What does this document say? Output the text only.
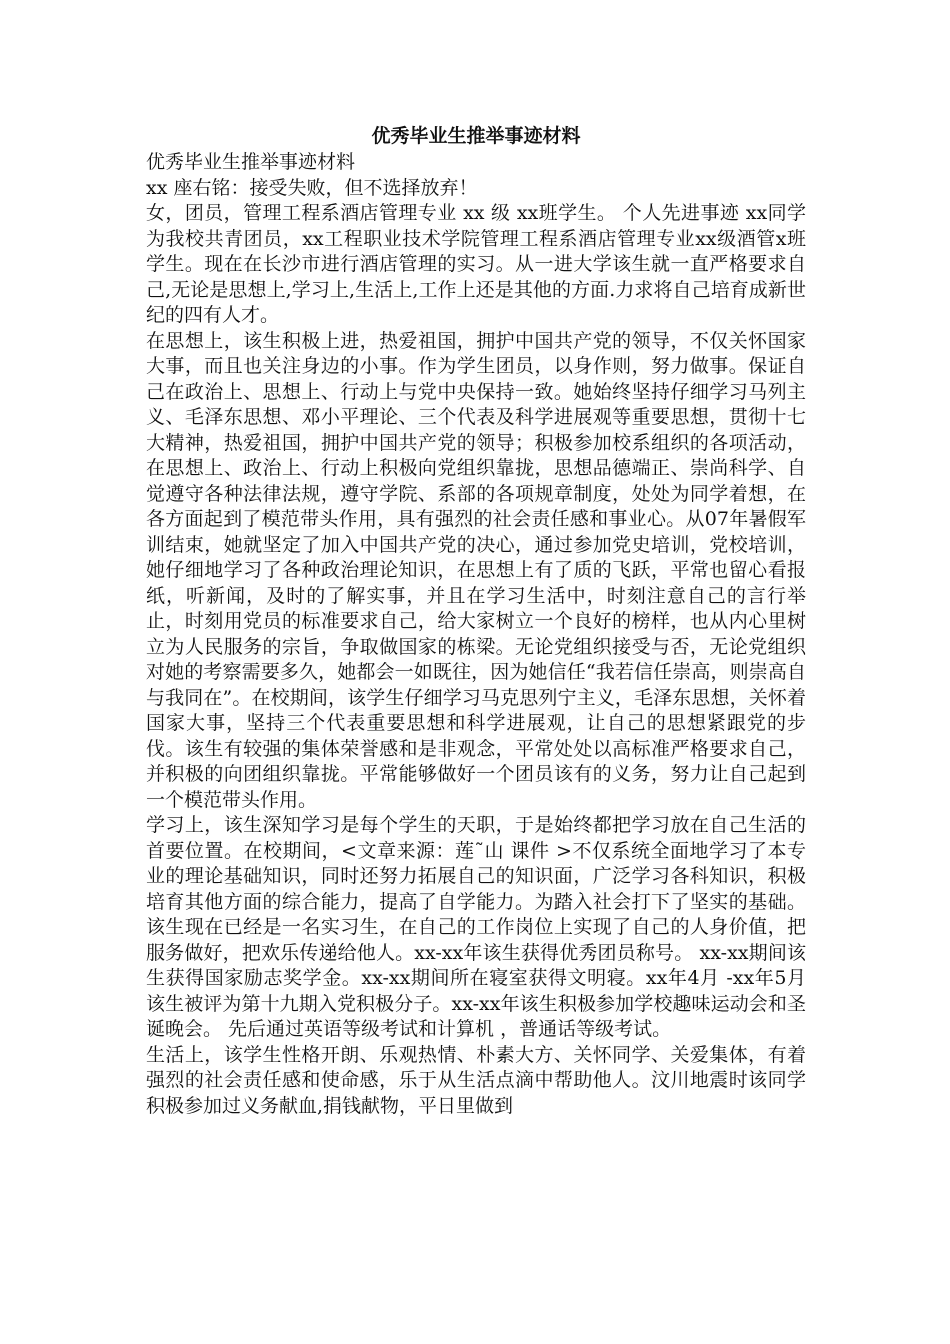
优秀毕业生推举事迹材料

优秀毕业生推举事迹材料

xx 座右铭：接受失败，但不选择放弃！

女，团员，管理工程系酒店管理专业 xx 级 xx班学生。 个人先进事迹 xx同学为我校共青团员，xx工程职业技术学院管理工程系酒店管理专业xx级酒管x班学生。现在在长沙市进行酒店管理的实习。从一进大学该生就一直严格要求自己,无论是思想上,学习上,生活上,工作上还是其他的方面.力求将自己培育成新世纪的四有人才。

在思想上，该生积极上进，热爱祖国，拥护中国共产党的领导，不仅关怀国家大事，而且也关注身边的小事。作为学生团员，以身作则，努力做事。保证自己在政治上、思想上、行动上与党中央保持一致。她始终坚持仔细学习马列主义、毛泽东思想、邓小平理论、三个代表及科学进展观等重要思想，贯彻十七大精神，热爱祖国，拥护中国共产党的领导；积极参加校系组织的各项活动，在思想上、政治上、行动上积极向党组织靠拢，思想品德端正、崇尚科学、自觉遵守各种法律法规，遵守学院、系部的各项规章制度，处处为同学着想，在各方面起到了模范带头作用，具有强烈的社会责任感和事业心。从07年暑假军训结束，她就坚定了加入中国共产党的决心，通过参加党史培训，党校培训，她仔细地学习了各种政治理论知识，在思想上有了质的飞跃，平常也留心看报纸，听新闻，及时的了解实事，并且在学习生活中，时刻注意自己的言行举止，时刻用党员的标准要求自己，给大家树立一个良好的榜样，也从内心里树立为人民服务的宗旨，争取做国家的栋梁。无论党组织接受与否，无论党组织对她的考察需要多久，她都会一如既往，因为她信任“我若信任崇高，则崇高自与我同在”。在校期间，该学生仔细学习马克思列宁主义，毛泽东思想，关怀着国家大事，坚持三个代表重要思想和科学进展观，让自己的思想紧跟党的步伐。该生有较强的集体荣誉感和是非观念，平常处处以高标准严格要求自己，并积极的向团组织靠拢。平常能够做好一个团员该有的义务，努力让自己起到一个模范带头作用。

学习上，该生深知学习是每个学生的天职，于是始终都把学习放在自己生活的首要位置。在校期间，<文章来源：莲˜山 课件 >不仅系统全面地学习了本专业的理论基础知识，同时还努力拓展自己的知识面，广泛学习各科知识，积极培育其他方面的综合能力，提高了自学能力。为踏入社会打下了坚实的基础。该生现在已经是一名实习生，在自己的工作岗位上实现了自己的人身价值，把服务做好，把欢乐传递给他人。xx-xx年该生获得优秀团员称号。 xx-xx期间该生获得国家励志奖学金。xx-xx期间所在寝室获得文明寝。xx年4月 -xx年5月该生被评为第十九期入党积极分子。xx-xx年该生积极参加学校趣味运动会和圣诞晚会。 先后通过英语等级考试和计算机 ，普通话等级考试。

生活上，该学生性格开朗、乐观热情、朴素大方、关怀同学、关爱集体，有着强烈的社会责任感和使命感，乐于从生活点滴中帮助他人。汶川地震时该同学积极参加过义务献血,捐钱献物，平日里做到
